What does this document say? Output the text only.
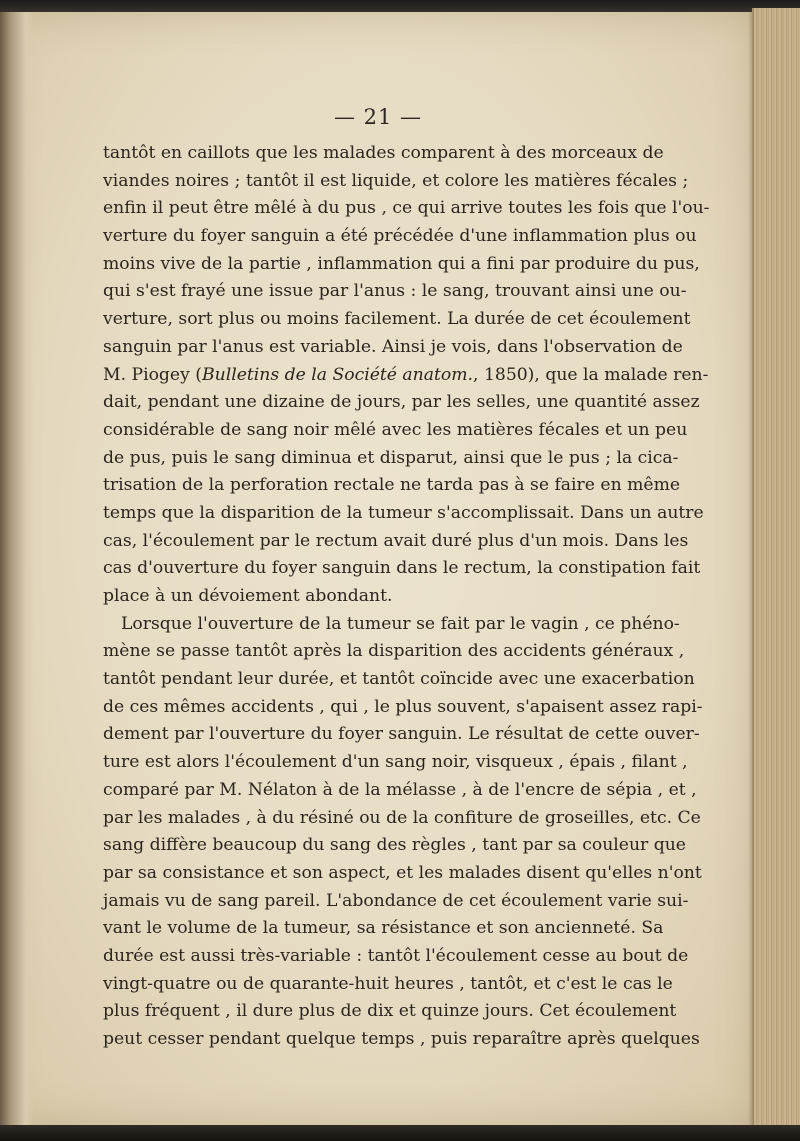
— 21 —
tantôt en caillots que les malades comparent à des morceaux de
viandes noires ; tantôt il est liquide, et colore les matières fécales ;
enfin il peut être mêlé à du pus , ce qui arrive toutes les fois que l'ou-
verture du foyer sanguin a été précédée d'une inflammation plus ou
moins vive de la partie , inflammation qui a fini par produire du pus,
qui s'est frayé une issue par l'anus : le sang, trouvant ainsi une ou-
verture, sort plus ou moins facilement. La durée de cet écoulement
sanguin par l'anus est variable. Ainsi je vois, dans l'observation de
M. Piogey (Bulletins de la Société anatom., 1850), que la malade ren-
dait, pendant une dizaine de jours, par les selles, une quantité assez
considérable de sang noir mêlé avec les matières fécales et un peu
de pus, puis le sang diminua et disparut, ainsi que le pus ; la cica-
trisation de la perforation rectale ne tarda pas à se faire en même
temps que la disparition de la tumeur s'accomplissait. Dans un autre
cas, l'écoulement par le rectum avait duré plus d'un mois. Dans les
cas d'ouverture du foyer sanguin dans le rectum, la constipation fait
place à un dévoiement abondant.
Lorsque l'ouverture de la tumeur se fait par le vagin , ce phéno-
mène se passe tantôt après la disparition des accidents généraux ,
tantôt pendant leur durée, et tantôt coïncide avec une exacerbation
de ces mêmes accidents , qui , le plus souvent, s'apaisent assez rapi-
dement par l'ouverture du foyer sanguin. Le résultat de cette ouver-
ture est alors l'écoulement d'un sang noir, visqueux , épais , filant ,
comparé par M. Nélaton à de la mélasse , à de l'encre de sépia , et ,
par les malades , à du résiné ou de la confiture de groseilles, etc. Ce
sang diffère beaucoup du sang des règles , tant par sa couleur que
par sa consistance et son aspect, et les malades disent qu'elles n'ont
jamais vu de sang pareil. L'abondance de cet écoulement varie sui-
vant le volume de la tumeur, sa résistance et son ancienneté. Sa
durée est aussi très-variable : tantôt l'écoulement cesse au bout de
vingt-quatre ou de quarante-huit heures , tantôt, et c'est le cas le
plus fréquent , il dure plus de dix et quinze jours. Cet écoulement
peut cesser pendant quelque temps , puis reparaître après quelques
